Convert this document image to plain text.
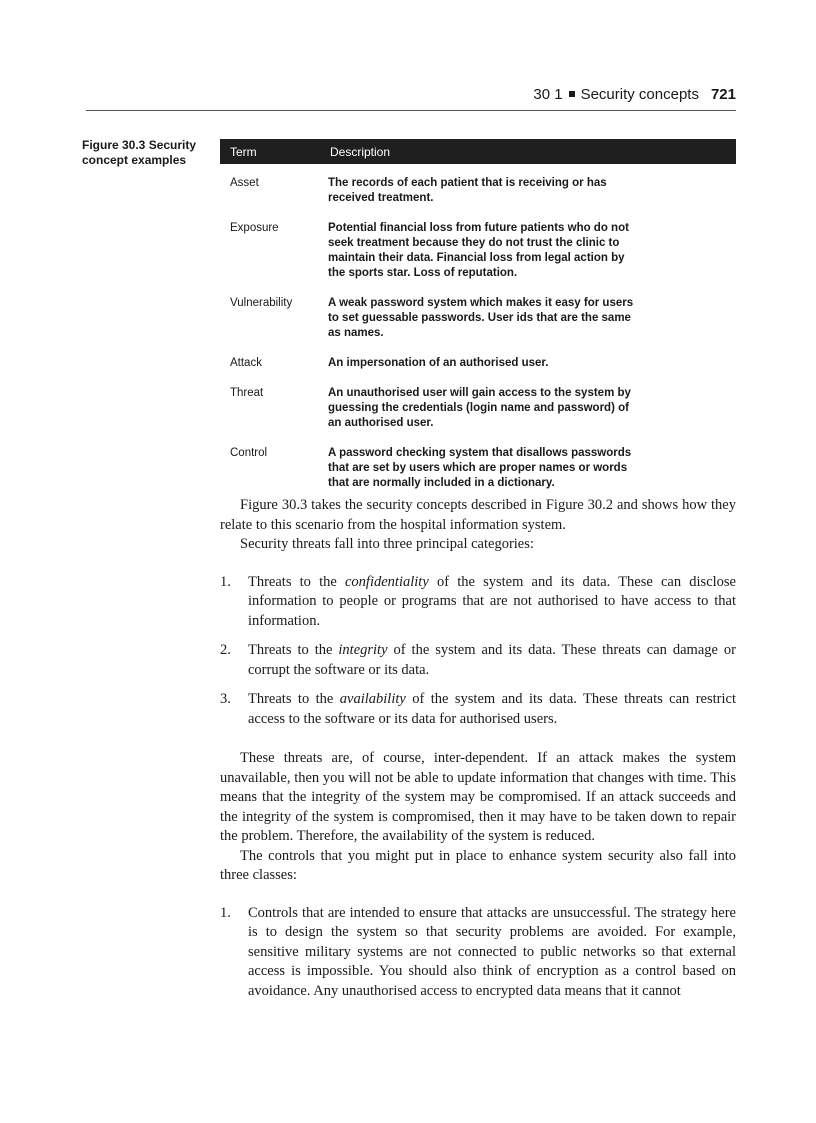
30 1 Security concepts 721
Figure 30.3 Security concept examples
Term	Description
Asset	The records of each patient that is receiving or has received treatment.
Exposure	Potential financial loss from future patients who do not seek treatment because they do not trust the clinic to maintain their data. Financial loss from legal action by the sports star. Loss of reputation.
Vulnerability	A weak password system which makes it easy for users to set guessable passwords. User ids that are the same as names.
Attack	An impersonation of an authorised user.
Threat	An unauthorised user will gain access to the system by guessing the credentials (login name and password) of an authorised user.
Control	A password checking system that disallows passwords that are set by users which are proper names or words that are normally included in a dictionary.

Figure 30.3 takes the security concepts described in Figure 30.2 and shows how they relate to this scenario from the hospital information system.

Security threats fall into three principal categories:

1. Threats to the confidentiality of the system and its data. These can disclose information to people or programs that are not authorised to have access to that information.
2. Threats to the integrity of the system and its data. These threats can damage or corrupt the software or its data.
3. Threats to the availability of the system and its data. These threats can restrict access to the software or its data for authorised users.

These threats are, of course, inter-dependent. If an attack makes the system unavailable, then you will not be able to update information that changes with time. This means that the integrity of the system may be compromised. If an attack succeeds and the integrity of the system is compromised, then it may have to be taken down to repair the problem. Therefore, the availability of the system is reduced.

The controls that you might put in place to enhance system security also fall into three classes:

1. Controls that are intended to ensure that attacks are unsuccessful. The strategy here is to design the system so that security problems are avoided. For example, sensitive military systems are not connected to public networks so that external access is impossible. You should also think of encryption as a control based on avoidance. Any unauthorised access to encrypted data means that it cannot
